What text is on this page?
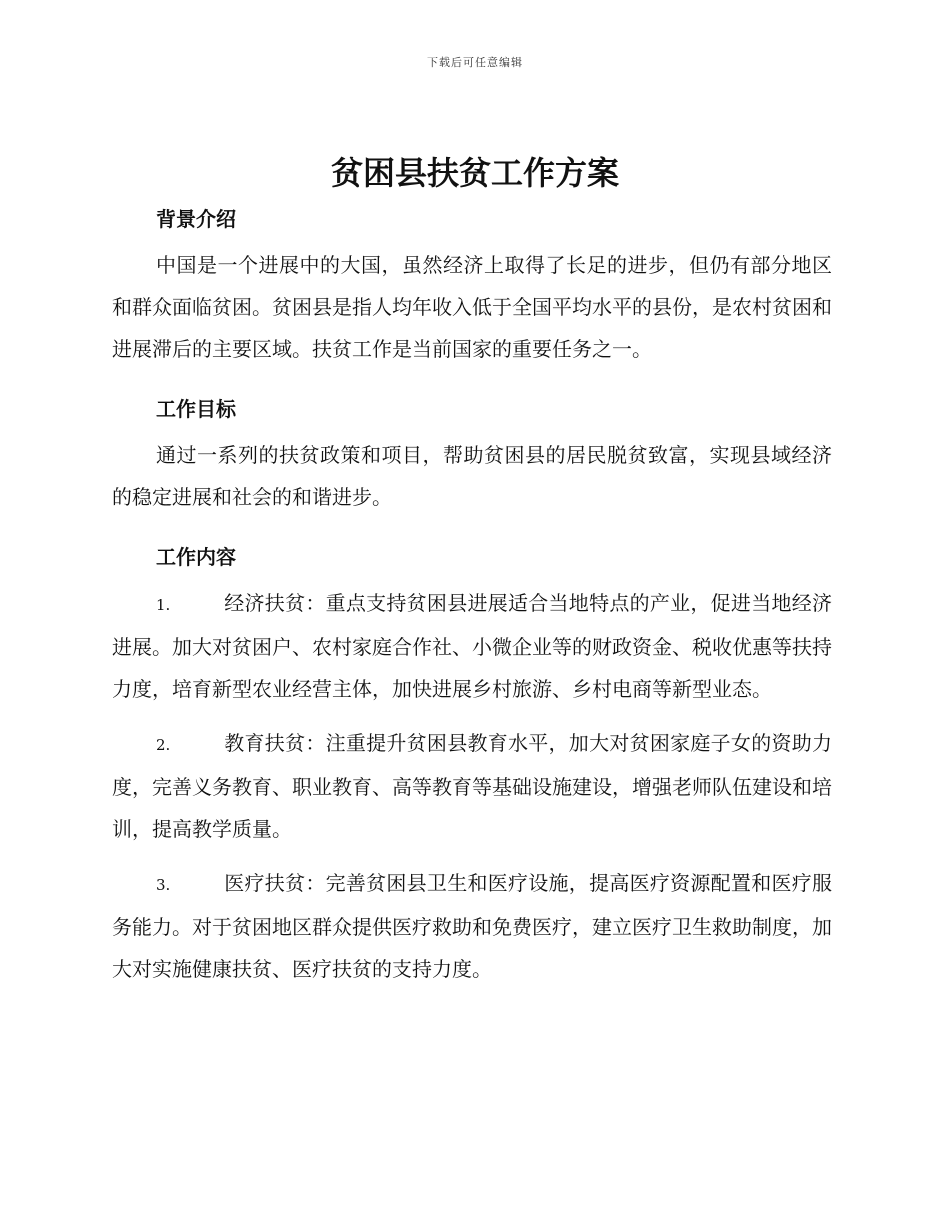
下载后可任意编辑
贫困县扶贫工作方案
背景介绍

中国是一个进展中的大国，虽然经济上取得了长足的进步，但仍有部分地区和群众面临贫困。贫困县是指人均年收入低于全国平均水平的县份，是农村贫困和进展滞后的主要区域。扶贫工作是当前国家的重要任务之一。

工作目标

通过一系列的扶贫政策和项目，帮助贫困县的居民脱贫致富，实现县域经济的稳定进展和社会的和谐进步。

工作内容

1.	经济扶贫：重点支持贫困县进展适合当地特点的产业，促进当地经济进展。加大对贫困户、农村家庭合作社、小微企业等的财政资金、税收优惠等扶持力度，培育新型农业经营主体，加快进展乡村旅游、乡村电商等新型业态。

2.	教育扶贫：注重提升贫困县教育水平，加大对贫困家庭子女的资助力度，完善义务教育、职业教育、高等教育等基础设施建设，增强老师队伍建设和培训，提高教学质量。

3.	医疗扶贫：完善贫困县卫生和医疗设施，提高医疗资源配置和医疗服务能力。对于贫困地区群众提供医疗救助和免费医疗，建立医疗卫生救助制度，加大对实施健康扶贫、医疗扶贫的支持力度。
